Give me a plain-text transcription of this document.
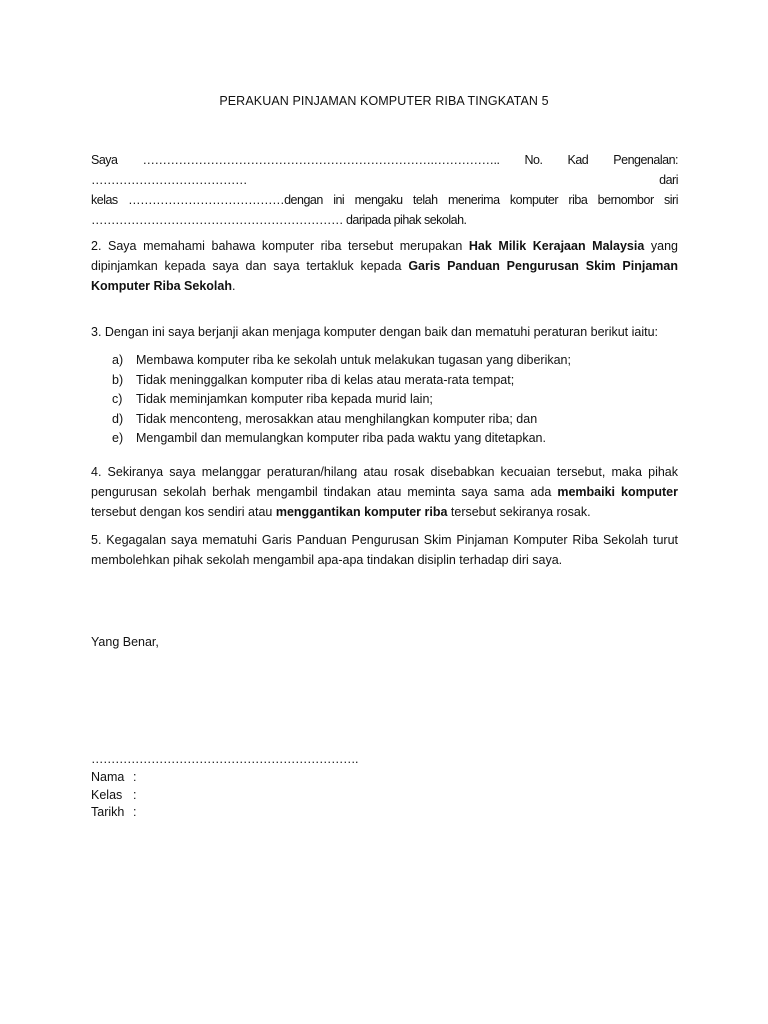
PERAKUAN PINJAMAN KOMPUTER RIBA TINGKATAN 5
Saya ……………………………………………………………….…………….. No. Kad Pengenalan: ………………………………… dari
kelas …………………………………dengan ini mengaku telah menerima komputer riba bernombor siri
……………………………………………………… daripada pihak sekolah.
2. Saya memahami bahawa komputer riba tersebut merupakan Hak Milik Kerajaan Malaysia yang dipinjamkan kepada saya dan saya tertakluk kepada Garis Panduan Pengurusan Skim Pinjaman Komputer Riba Sekolah.
3. Dengan ini saya berjanji akan menjaga komputer dengan baik dan mematuhi peraturan berikut iaitu:
a)	Membawa komputer riba ke sekolah untuk melakukan tugasan yang diberikan;
b)	Tidak meninggalkan komputer riba di kelas atau merata-rata tempat;
c)	Tidak meminjamkan komputer riba kepada murid lain;
d)	Tidak menconteng, merosakkan atau menghilangkan komputer riba; dan
e)	Mengambil dan memulangkan komputer riba pada waktu yang ditetapkan.
4. Sekiranya saya melanggar peraturan/hilang atau rosak disebabkan kecuaian tersebut, maka pihak pengurusan sekolah berhak mengambil tindakan atau meminta saya sama ada membaiki komputer tersebut dengan kos sendiri atau menggantikan komputer riba tersebut sekiranya rosak.
5. Kegagalan saya mematuhi Garis Panduan Pengurusan Skim Pinjaman Komputer Riba Sekolah turut membolehkan pihak sekolah mengambil apa-apa tindakan disiplin terhadap diri saya.
Yang Benar,
………………………………………………………….
Nama :
Kelas :
Tarikh :
